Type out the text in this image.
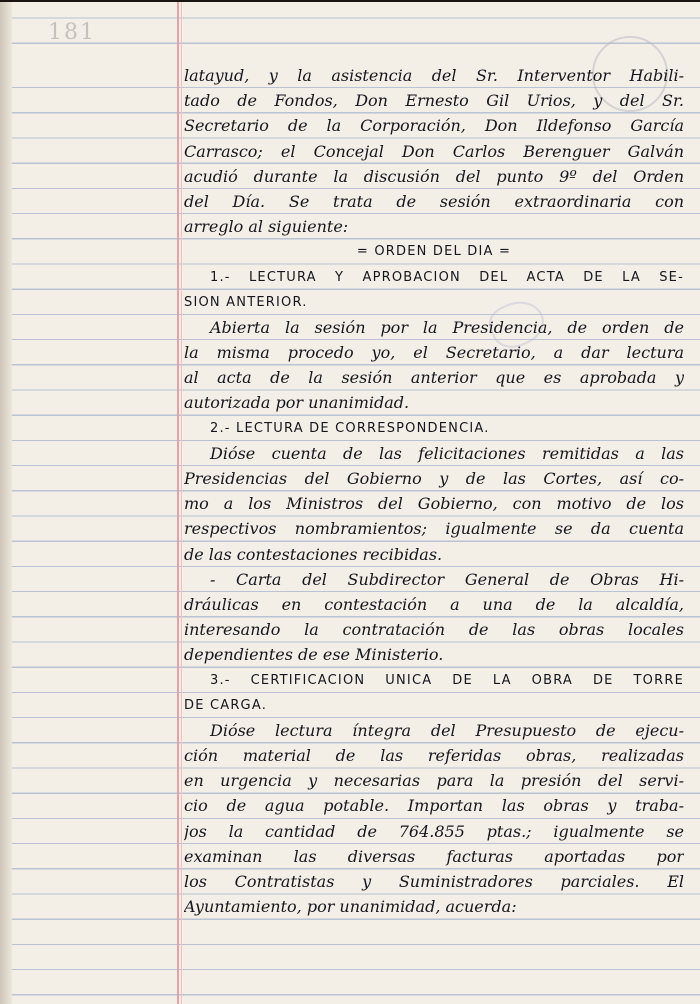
181
latayud, y la asistencia del Sr. Interventor Habili-
tado de Fondos, Don Ernesto Gil Urios, y del Sr.
Secretario de la Corporación, Don Ildefonso García
Carrasco; el Concejal Don Carlos Berenguer Galván
acudió durante la discusión del punto 9º del Orden
del Día. Se trata de sesión extraordinaria con
arreglo al siguiente:
= ORDEN DEL DIA =
1.- LECTURA Y APROBACION DEL ACTA DE LA SE-
SION ANTERIOR.
Abierta la sesión por la Presidencia, de orden de
la misma procedo yo, el Secretario, a dar lectura
al acta de la sesión anterior que es aprobada y
autorizada por unanimidad.
2.- LECTURA DE CORRESPONDENCIA.
Dióse cuenta de las felicitaciones remitidas a las
Presidencias del Gobierno y de las Cortes, así co-
mo a los Ministros del Gobierno, con motivo de los
respectivos nombramientos; igualmente se da cuenta
de las contestaciones recibidas.
- Carta del Subdirector General de Obras Hi-
dráulicas en contestación a una de la alcaldía,
interesando la contratación de las obras locales
dependientes de ese Ministerio.
3.- CERTIFICACION UNICA DE LA OBRA DE TORRE
DE CARGA.
Dióse lectura íntegra del Presupuesto de ejecu-
ción material de las referidas obras, realizadas
en urgencia y necesarias para la presión del servi-
cio de agua potable. Importan las obras y traba-
jos la cantidad de 764.855 ptas.; igualmente se
examinan las diversas facturas aportadas por
los Contratistas y Suministradores parciales. El
Ayuntamiento, por unanimidad, acuerda:
